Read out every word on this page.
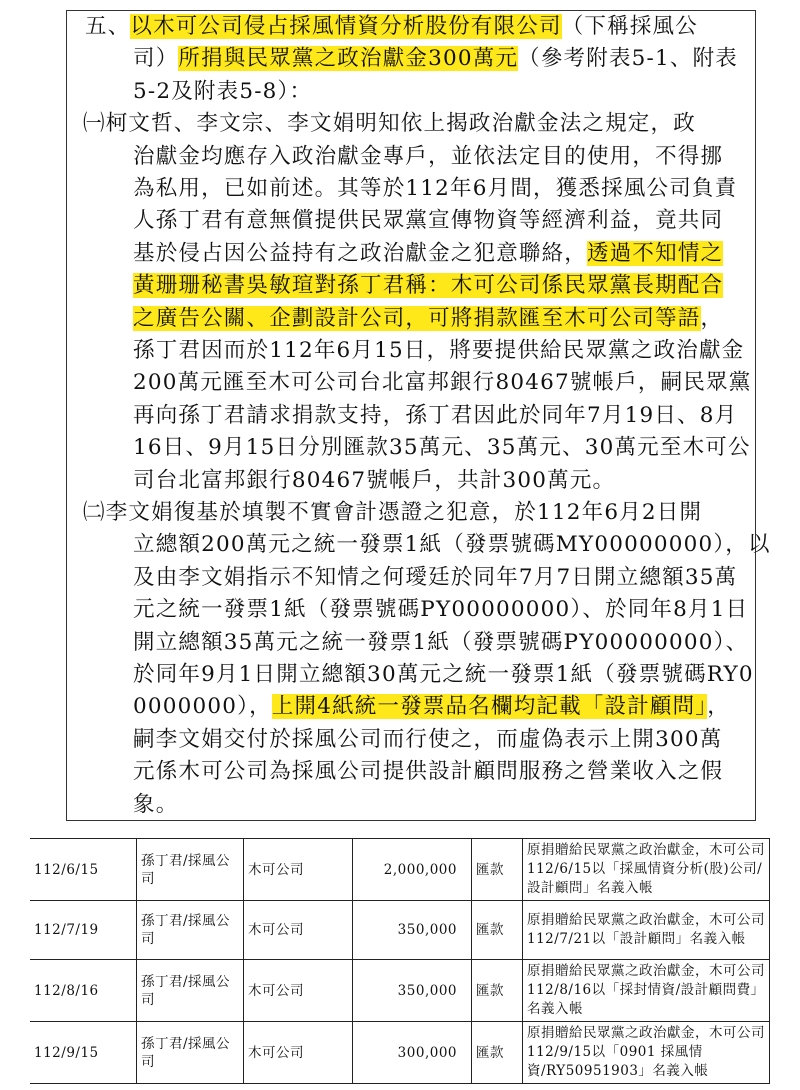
五、以木可公司侵占採風情資分析股份有限公司（下稱採風公
司）所捐與民眾黨之政治獻金300萬元（參考附表5-1、附表
5-2及附表5-8）：
㈠柯文哲、李文宗、李文娟明知依上揭政治獻金法之規定，政
治獻金均應存入政治獻金專戶，並依法定目的使用，不得挪
為私用，已如前述。其等於112年6月間，獲悉採風公司負責
人孫丁君有意無償提供民眾黨宣傳物資等經濟利益，竟共同
基於侵占因公益持有之政治獻金之犯意聯絡，透過不知情之
黃珊珊秘書吳敏瑄對孫丁君稱：木可公司係民眾黨長期配合
之廣告公關、企劃設計公司，可將捐款匯至木可公司等語，
孫丁君因而於112年6月15日，將要提供給民眾黨之政治獻金
200萬元匯至木可公司台北富邦銀行80467號帳戶，嗣民眾黨
再向孫丁君請求捐款支持，孫丁君因此於同年7月19日、8月
16日、9月15日分別匯款35萬元、35萬元、30萬元至木可公
司台北富邦銀行80467號帳戶，共計300萬元。
㈡李文娟復基於填製不實會計憑證之犯意，於112年6月2日開
立總額200萬元之統一發票1紙（發票號碼MY00000000），以
及由李文娟指示不知情之何璦廷於同年7月7日開立總額35萬
元之統一發票1紙（發票號碼PY00000000）、於同年8月1日
開立總額35萬元之統一發票1紙（發票號碼PY00000000）、
於同年9月1日開立總額30萬元之統一發票1紙（發票號碼RY0
0000000），上開4紙統一發票品名欄均記載「設計顧問」，
嗣李文娟交付於採風公司而行使之，而虛偽表示上開300萬
元係木可公司為採風公司提供設計顧問服務之營業收入之假
象。
112/6/15	孫丁君/採風公司	木可公司	2,000,000	匯款	原捐贈給民眾黨之政治獻金，木可公司112/6/15以「採風情資分析(股)公司/設計顧問」名義入帳
112/7/19	孫丁君/採風公司	木可公司	350,000	匯款	原捐贈給民眾黨之政治獻金，木可公司112/7/21以「設計顧問」名義入帳
112/8/16	孫丁君/採風公司	木可公司	350,000	匯款	原捐贈給民眾黨之政治獻金，木可公司112/8/16以「採封情資/設計顧問費」名義入帳
112/9/15	孫丁君/採風公司	木可公司	300,000	匯款	原捐贈給民眾黨之政治獻金，木可公司112/9/15以「0901 採風情資/RY50951903」名義入帳
